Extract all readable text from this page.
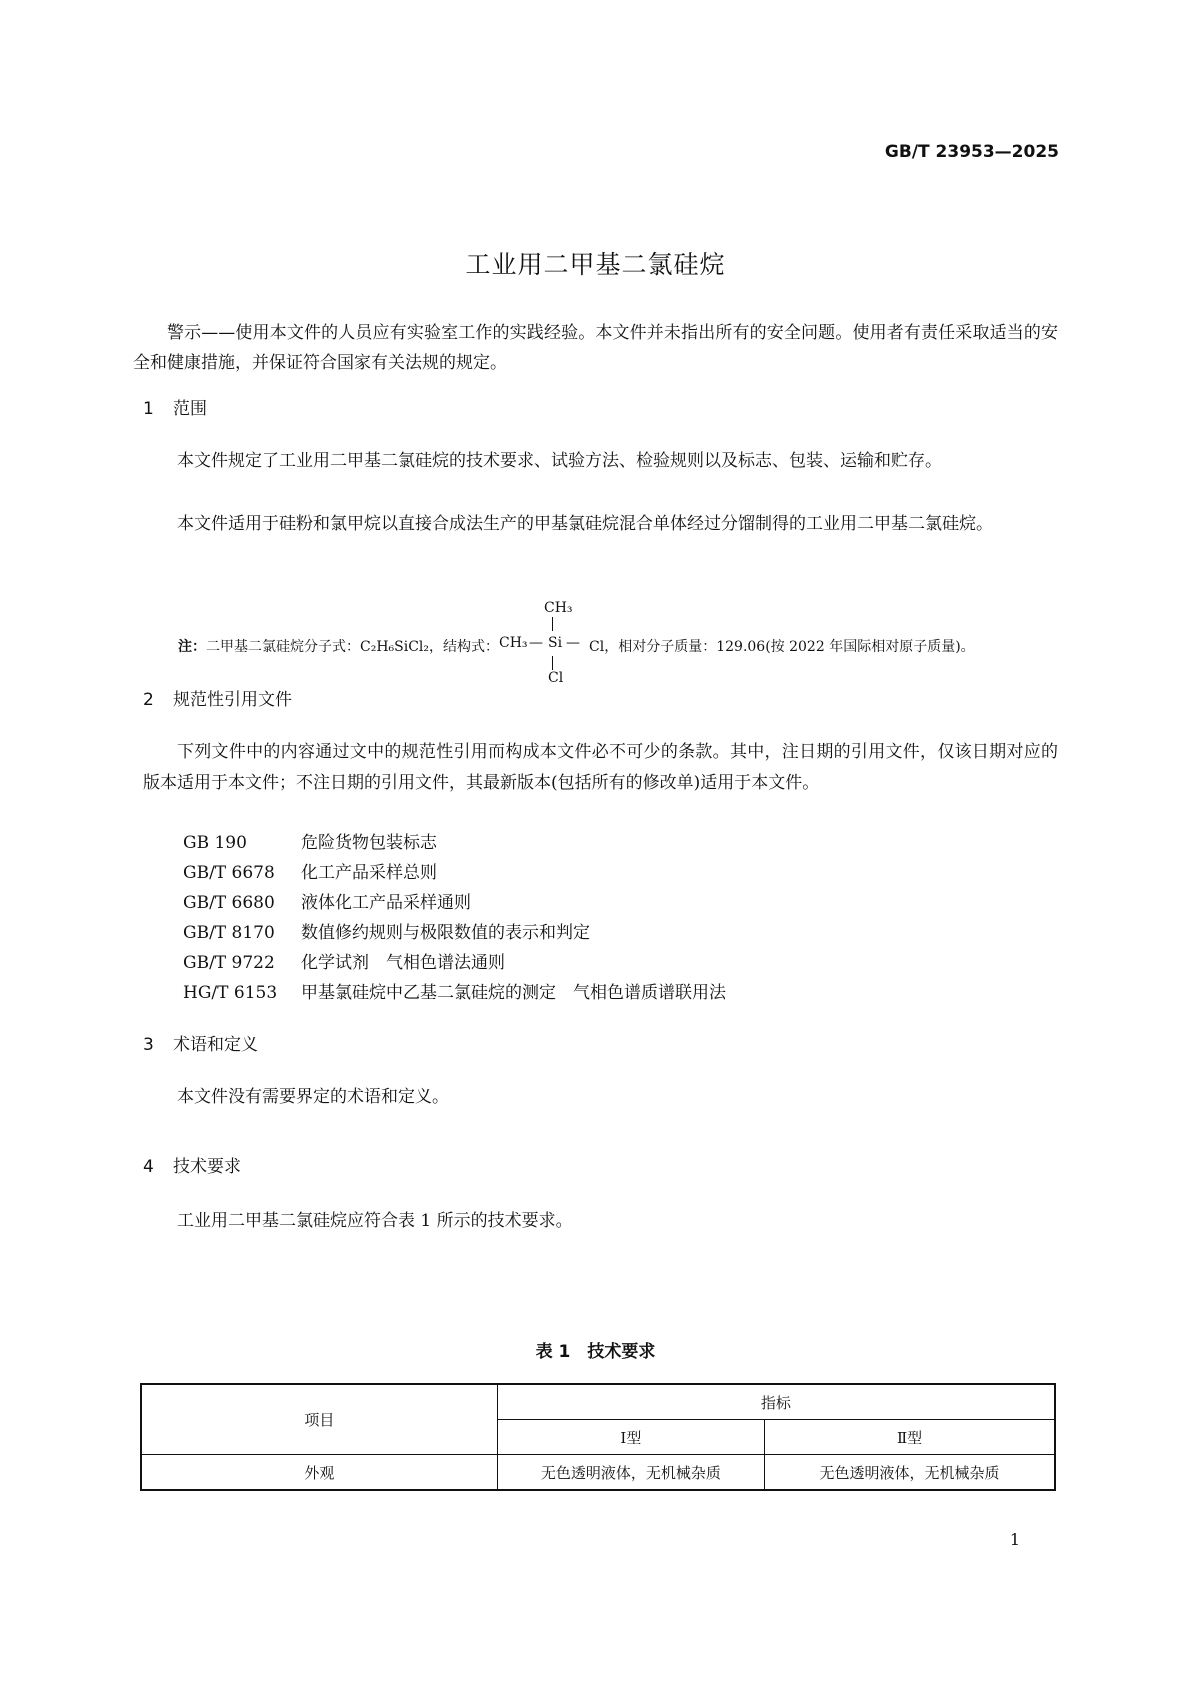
GB/T 23953—2025
工业用二甲基二氯硅烷
警示——使用本文件的人员应有实验室工作的实践经验。本文件并未指出所有的安全问题。使用者有责任采取适当的安全和健康措施，并保证符合国家有关法规的规定。
1 范围
本文件规定了工业用二甲基二氯硅烷的技术要求、试验方法、检验规则以及标志、包装、运输和贮存。
本文件适用于硅粉和氯甲烷以直接合成法生产的甲基氯硅烷混合单体经过分馏制得的工业用二甲基二氯硅烷。
注：二甲基二氯硅烷分子式：C₂H₆SiCl₂，结构式：
CH₃
CH₃ — Si —
Cl
Cl，相对分子质量：129.06(按 2022 年国际相对原子质量)。
2 规范性引用文件
下列文件中的内容通过文中的规范性引用而构成本文件必不可少的条款。其中，注日期的引用文件，仅该日期对应的版本适用于本文件；不注日期的引用文件，其最新版本(包括所有的修改单)适用于本文件。
GB 190	危险货物包装标志
GB/T 6678 化工产品采样总则
GB/T 6680 液体化工产品采样通则
GB/T 8170 数值修约规则与极限数值的表示和判定
GB/T 9722 化学试剂　气相色谱法通则
HG/T 6153 甲基氯硅烷中乙基二氯硅烷的测定　气相色谱质谱联用法
3 术语和定义
本文件没有需要界定的术语和定义。
4 技术要求
工业用二甲基二氯硅烷应符合表 1 所示的技术要求。
表 1　技术要求
项目	指标	
	Ⅰ型	Ⅱ型
外观	无色透明液体，无机械杂质	无色透明液体，无机械杂质
1
